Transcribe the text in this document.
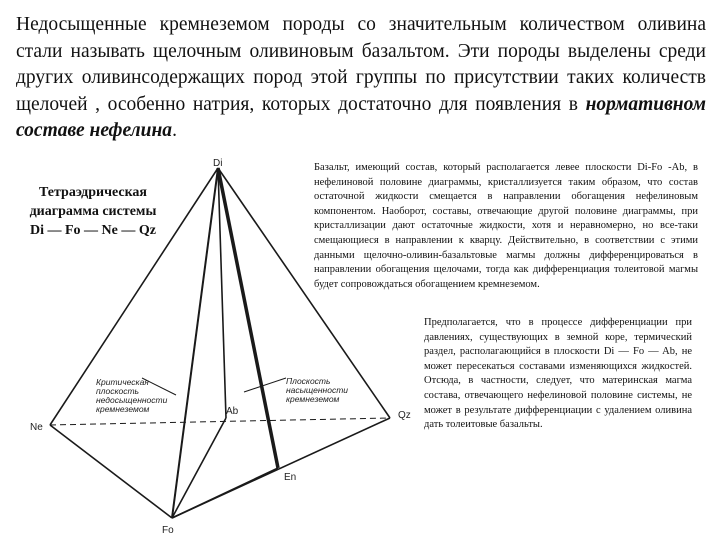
Недосыщенные кремнеземом породы со значительным количеством оливина стали называть щелочным оливиновым базальтом. Эти породы выделены среди других оливинсодержащих пород этой группы по присутствии таких количеств щелочей , особенно натрия, которых достаточно для появления в нормативном составе нефелина.
Di
Ne
Qz
Fo
En
Ab
Критическая плоскость недосыщенности кремнеземом
Плоскость насыщенности кремнеземом
Тетраэдрическая
диаграмма системы
Di — Fo — Ne — Qz
Базальт, имеющий состав, который располагается левее плоскости Di-Fo -Ab, в нефелиновой половине диаграммы, кристаллизуется таким образом, что состав остаточной жидкости смещается в направлении обогащения нефелиновым компонентом. Наоборот, составы, отвечающие другой половине диаграммы, при кристаллизации дают остаточные жидкости, хотя и неравномерно, но все-таки смещающиеся в направлении к кварцу. Действительно, в соответствии с этими данными щелочно-оливин-базальтовые магмы должны дифференцироваться в направлении обогащения щелочами, тогда как дифференциация толеитовой магмы будет сопровождаться обогащением кремнеземом.
Предполагается, что в процессе дифференциации при давлениях, существующих в земной коре, термический раздел, располагающийся в плоскости Di — Fo — Ab, не может пересекаться составами изменяющихся жидкостей. Отсюда, в частности, следует, что материнская магма состава, отвечающего нефелиновой половине системы, не может в результате дифференциации с удалением оливина дать толеитовые базальты.
